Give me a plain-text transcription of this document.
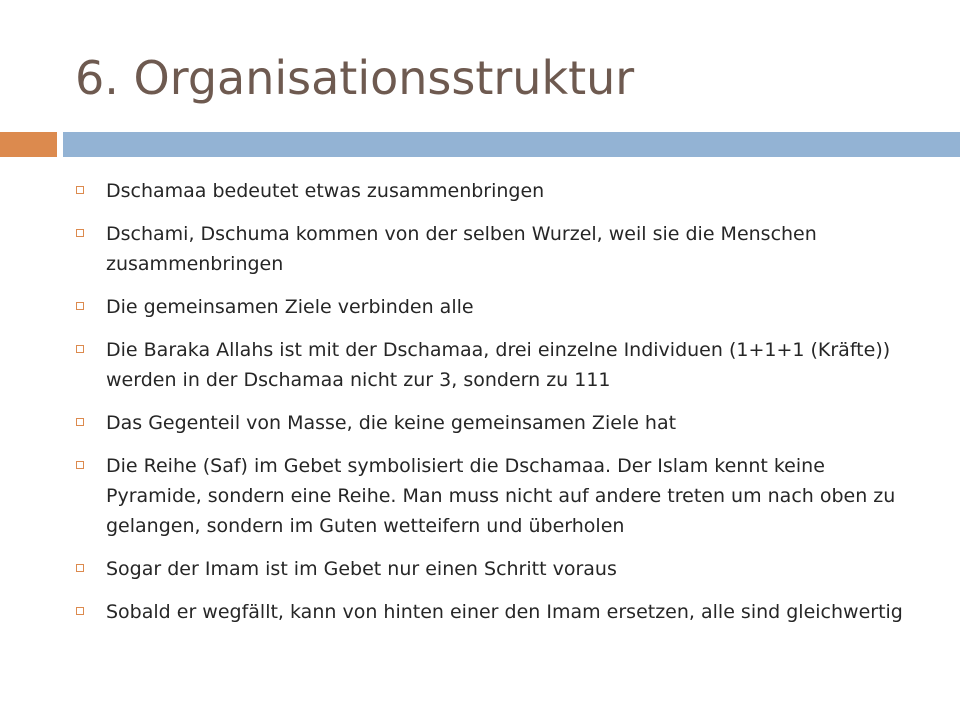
6. Organisationsstruktur
Dschamaa bedeutet etwas zusammenbringen
Dschami, Dschuma kommen von der selben Wurzel, weil sie die Menschen zusammenbringen
Die gemeinsamen Ziele verbinden alle
Die Baraka Allahs ist mit der Dschamaa, drei einzelne Individuen (1+1+1 (Kräfte)) werden in der Dschamaa nicht zur 3, sondern zu 111
Das Gegenteil von Masse, die keine gemeinsamen Ziele hat
Die Reihe (Saf) im Gebet symbolisiert die Dschamaa. Der Islam kennt keine Pyramide, sondern eine Reihe. Man muss nicht auf andere treten um nach oben zu gelangen, sondern im Guten wetteifern und überholen
Sogar der Imam ist im Gebet nur einen Schritt voraus
Sobald er wegfällt, kann von hinten einer den Imam ersetzen, alle sind gleichwertig
